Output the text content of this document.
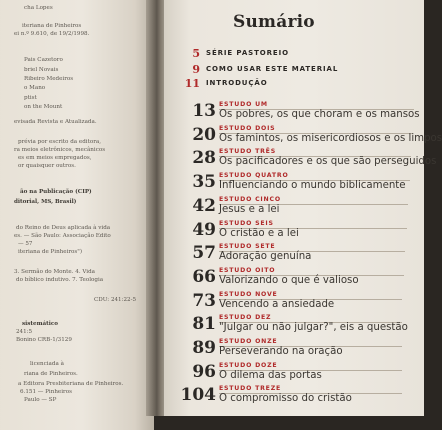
cha Lopes
iteriana de Pinheiros
ei n.º 9.610, de 19/2/1998.
Pais Cazetoro
briel Novais
Ribeiro Medeiros
o Mano
ptist
on the Mount
evisada Revista e Atualizada.
prévia por escrito da editora,
ra meios eletrônicos, mecânicos
es em meios empregados,
or quaisquer outros.
ão na Publicação (CIP)
ditorial, MS, Brasil)
do Reino de Deus aplicada à vida
es. — São Paulo: Associação Edito
— 57
iteriana de Pinheiros")
3. Sermão do Monte. 4. Vida
do bíblico indutivo. 7. Teologia
CDU: 241:22-5
sistemático
241:5
Bonino CRB-1/3129
licenciada à
riana de Pinheiros.
a Editora Presbiteriana de Pinheiros.
6.151 — Pinheiros
Paulo — SP
Sumário
5 SÉRIE PASTOREIO
9 COMO USAR ESTE MATERIAL
11 INTRODUÇÃO
13 ESTUDO UM
Os pobres, os que choram e os mansos
20 ESTUDO DOIS
Os famintos, os misericordiosos e os limpos
28 ESTUDO TRÊS
Os pacificadores e os que são perseguidos
35 ESTUDO QUATRO
Influenciando o mundo biblicamente
42 ESTUDO CINCO
Jesus e a lei
49 ESTUDO SEIS
O cristão e a lei
57 ESTUDO SETE
Adoração genuína
66 ESTUDO OITO
Valorizando o que é valioso
73 ESTUDO NOVE
Vencendo a ansiedade
81 ESTUDO DEZ
"Julgar ou não julgar?", eis a questão
89 ESTUDO ONZE
Perseverando na oração
96 ESTUDO DOZE
O dilema das portas
104 ESTUDO TREZE
O compromisso do cristão
